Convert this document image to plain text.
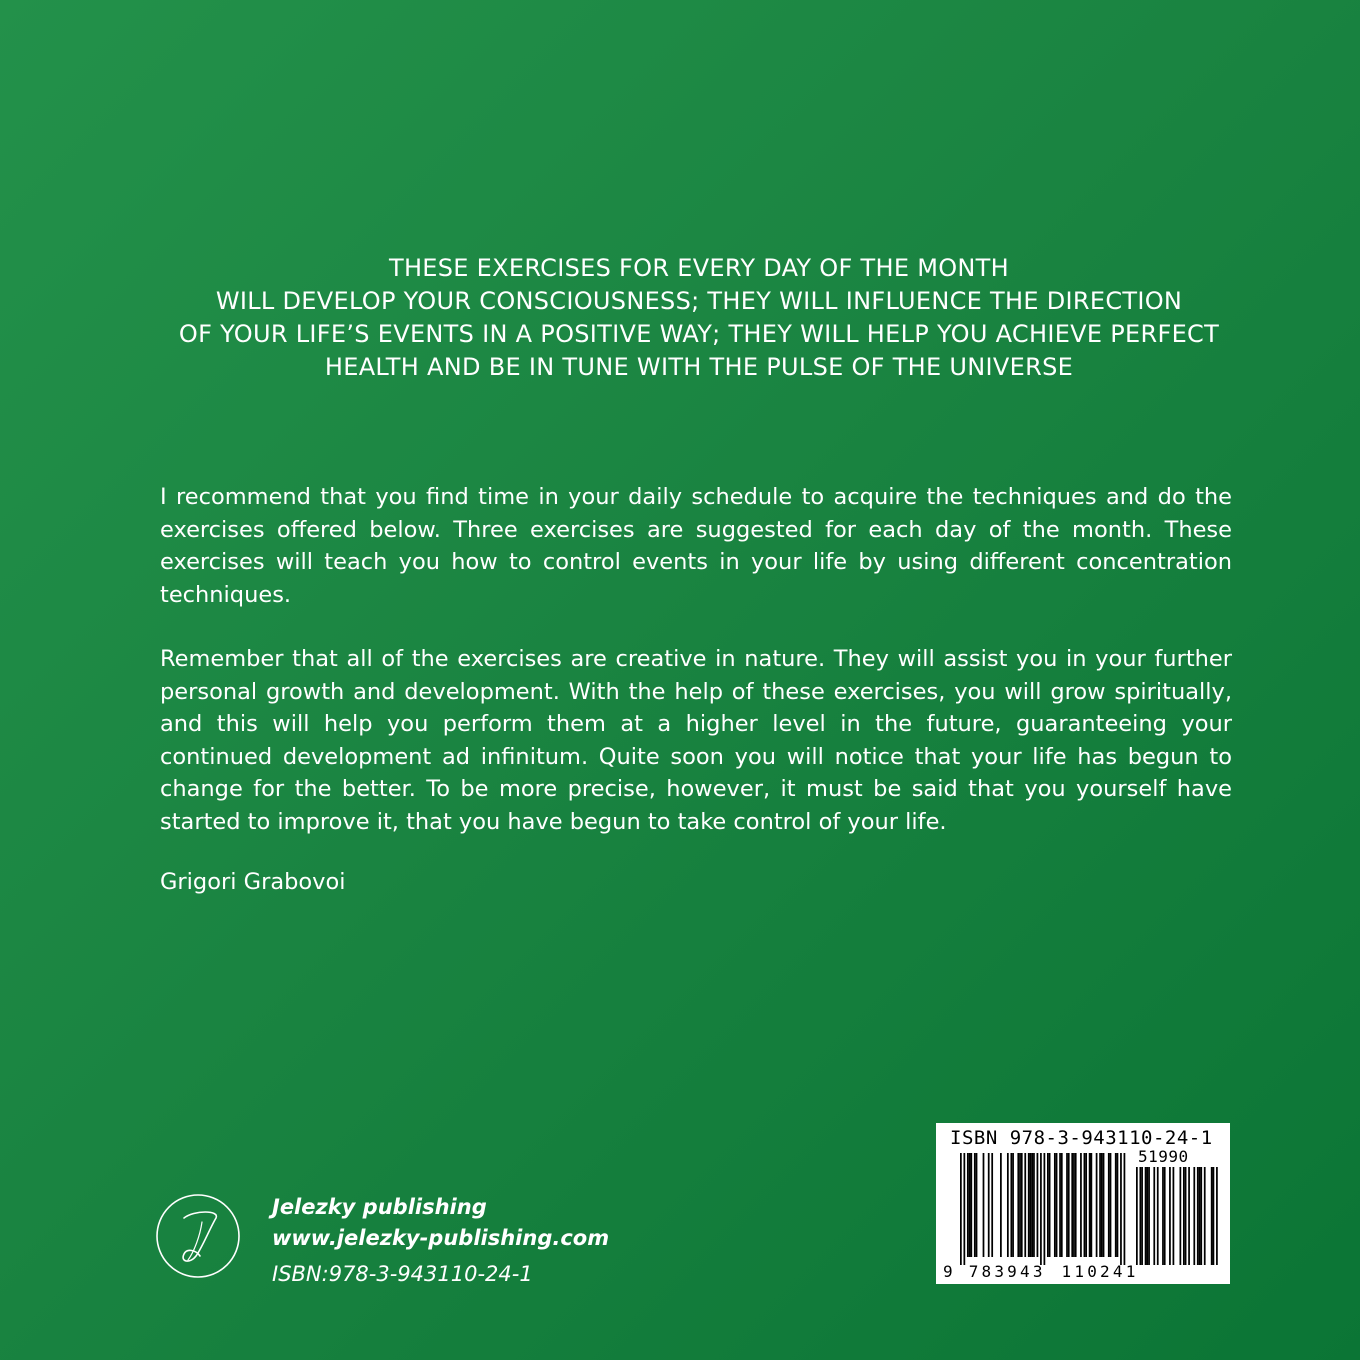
THESE EXERCISES FOR EVERY DAY OF THE MONTH
WILL DEVELOP YOUR CONSCIOUSNESS; THEY WILL INFLUENCE THE DIRECTION
OF YOUR LIFE’S EVENTS IN A POSITIVE WAY; THEY WILL HELP YOU ACHIEVE PERFECT
HEALTH AND BE IN TUNE WITH THE PULSE OF THE UNIVERSE

I recommend that you find time in your daily schedule to acquire the techniques and do the exercises offered below. Three exercises are suggested for each day of the month. These exercises will teach you how to control events in your life by using different concentration techniques.

Remember that all of the exercises are creative in nature. They will assist you in your further personal growth and development. With the help of these exercises, you will grow spiritually, and this will help you perform them at a higher level in the future, guaranteeing your continued development ad infinitum. Quite soon you will notice that your life has begun to change for the better. To be more precise, however, it must be said that you yourself have started to improve it, that you have begun to take control of your life.

Grigori Grabovoi
Jelezky publishing
www.jelezky-publishing.com
ISBN:978-3-943110-24-1
ISBN 978-3-943110-24-1
51990
9 783943 110241
